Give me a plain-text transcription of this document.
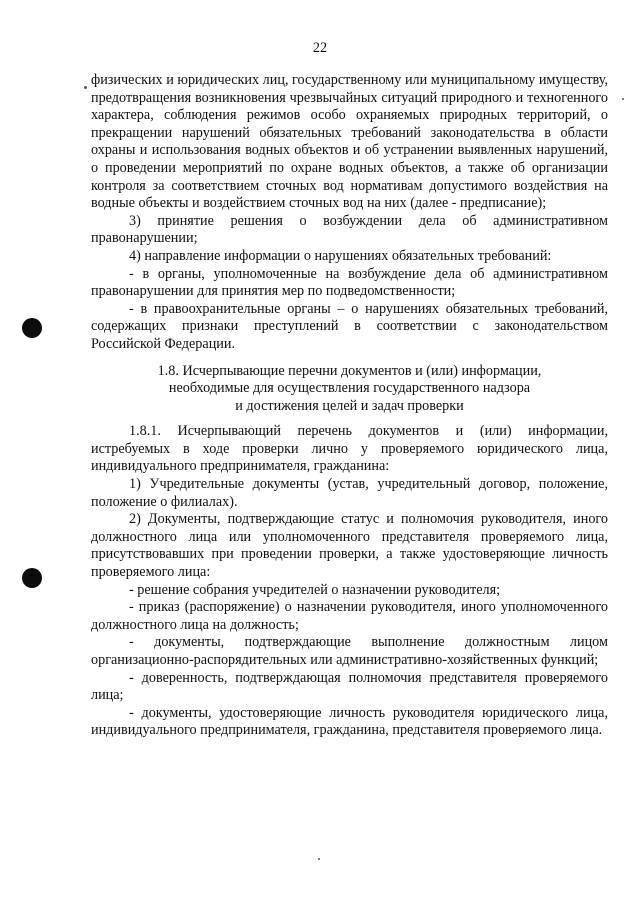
22

физических и юридических лиц, государственному или муниципальному имуществу, предотвращения возникновения чрезвычайных ситуаций природного и техногенного характера, соблюдения режимов особо охраняемых природных территорий, о прекращении нарушений обязательных требований законодательства в области охраны и использования водных объектов и об устранении выявленных нарушений, о проведении мероприятий по охране водных объектов, а также об организации контроля за соответствием сточных вод нормативам допустимого воздействия на водные объекты и воздействием сточных вод на них (далее - предписание);

3) принятие решения о возбуждении дела об административном правонарушении;

4) направление информации о нарушениях обязательных требований:

- в органы, уполномоченные на возбуждение дела об административном правонарушении для принятия мер по подведомственности;

- в правоохранительные органы – о нарушениях обязательных требований, содержащих признаки преступлений в соответствии с законодательством Российской Федерации.

1.8. Исчерпывающие перечни документов и (или) информации,
необходимые для осуществления государственного надзора
и достижения целей и задач проверки

1.8.1. Исчерпывающий перечень документов и (или) информации, истребуемых в ходе проверки лично у проверяемого юридического лица, индивидуального предпринимателя, гражданина:

1) Учредительные документы (устав, учредительный договор, положение, положение о филиалах).

2) Документы, подтверждающие статус и полномочия руководителя, иного должностного лица или уполномоченного представителя проверяемого лица, присутствовавших при проведении проверки, а также удостоверяющие личность проверяемого лица:

- решение собрания учредителей о назначении руководителя;

- приказ (распоряжение) о назначении руководителя, иного уполномоченного должностного лица на должность;

- документы, подтверждающие выполнение должностным лицом организационно-распорядительных или административно-хозяйственных функций;

- доверенность, подтверждающая полномочия представителя проверяемого лица;

- документы, удостоверяющие личность руководителя юридического лица, индивидуального предпринимателя, гражданина, представителя проверяемого лица.
